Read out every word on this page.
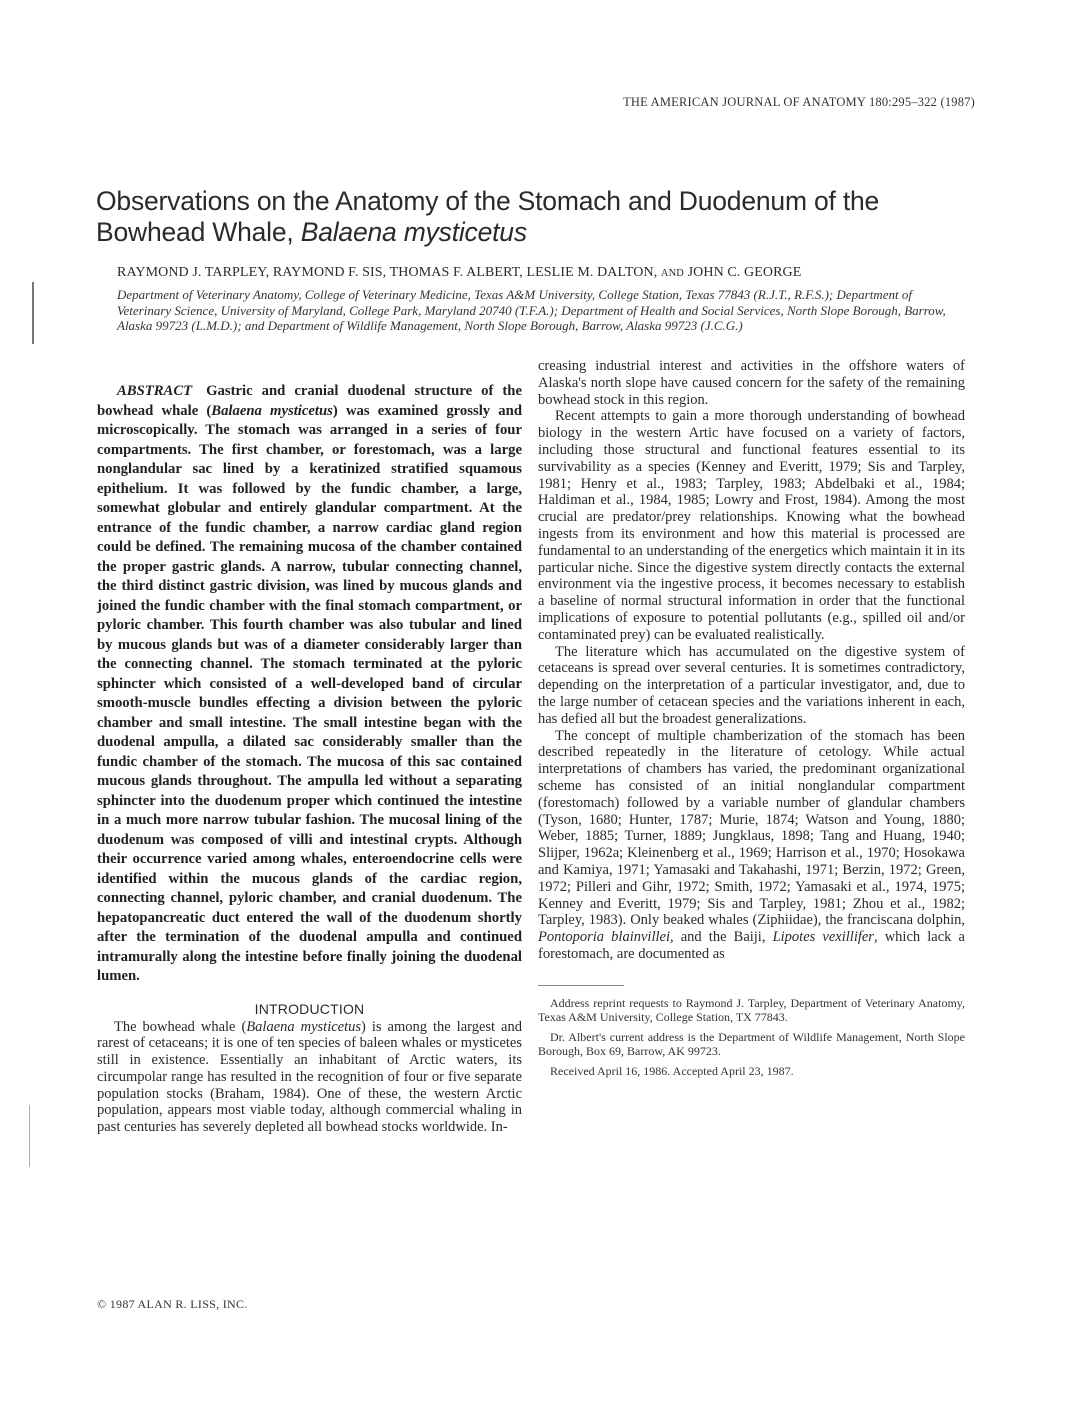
THE AMERICAN JOURNAL OF ANATOMY 180:295–322 (1987)
Observations on the Anatomy of the Stomach and Duodenum of the
Bowhead Whale, Balaena mysticetus
RAYMOND J. TARPLEY, RAYMOND F. SIS, THOMAS F. ALBERT, LESLIE M. DALTON, AND JOHN C. GEORGE
Department of Veterinary Anatomy, College of Veterinary Medicine, Texas A&M University, College Station, Texas 77843 (R.J.T., R.F.S.); Department of Veterinary Science, University of Maryland, College Park, Maryland 20740 (T.F.A.); Department of Health and Social Services, North Slope Borough, Barrow, Alaska 99723 (L.M.D.); and Department of Wildlife Management, North Slope Borough, Barrow, Alaska 99723 (J.C.G.)

ABSTRACT Gastric and cranial duodenal structure of the bowhead whale (Balaena mysticetus) was examined grossly and microscopically. The stomach was arranged in a series of four compartments. The first chamber, or forestomach, was a large nonglandular sac lined by a keratinized stratified squamous epithelium. It was followed by the fundic chamber, a large, somewhat globular and entirely glandular compartment. At the entrance of the fundic chamber, a narrow cardiac gland region could be defined. The remaining mucosa of the chamber contained the proper gastric glands. A narrow, tubular connecting channel, the third distinct gastric division, was lined by mucous glands and joined the fundic chamber with the final stomach compartment, or pyloric chamber. This fourth chamber was also tubular and lined by mucous glands but was of a diameter considerably larger than the connecting channel. The stomach terminated at the pyloric sphincter which consisted of a well-developed band of circular smooth-muscle bundles effecting a division between the pyloric chamber and small intestine. The small intestine began with the duodenal ampulla, a dilated sac considerably smaller than the fundic chamber of the stomach. The mucosa of this sac contained mucous glands throughout. The ampulla led without a separating sphincter into the duodenum proper which continued the intestine in a much more narrow tubular fashion. The mucosal lining of the duodenum was composed of villi and intestinal crypts. Although their occurrence varied among whales, enteroendocrine cells were identified within the mucous glands of the cardiac region, connecting channel, pyloric chamber, and cranial duodenum. The hepatopancreatic duct entered the wall of the duodenum shortly after the termination of the duodenal ampulla and continued intramurally along the intestine before finally joining the duodenal lumen.

INTRODUCTION

The bowhead whale (Balaena mysticetus) is among the largest and rarest of cetaceans; it is one of ten species of baleen whales or mysticetes still in existence. Essentially an inhabitant of Arctic waters, its circumpolar range has resulted in the recognition of four or five separate population stocks (Braham, 1984). One of these, the western Arctic population, appears most viable today, although commercial whaling in past centuries has severely depleted all bowhead stocks worldwide. In-

© 1987 ALAN R. LISS, INC.

creasing industrial interest and activities in the offshore waters of Alaska's north slope have caused concern for the safety of the remaining bowhead stock in this region.

Recent attempts to gain a more thorough understanding of bowhead biology in the western Artic have focused on a variety of factors, including those structural and functional features essential to its survivability as a species (Kenney and Everitt, 1979; Sis and Tarpley, 1981; Henry et al., 1983; Tarpley, 1983; Abdelbaki et al., 1984; Haldiman et al., 1984, 1985; Lowry and Frost, 1984). Among the most crucial are predator/prey relationships. Knowing what the bowhead ingests from its environment and how this material is processed are fundamental to an understanding of the energetics which maintain it in its particular niche. Since the digestive system directly contacts the external environment via the ingestive process, it becomes necessary to establish a baseline of normal structural information in order that the functional implications of exposure to potential pollutants (e.g., spilled oil and/or contaminated prey) can be evaluated realistically.

The literature which has accumulated on the digestive system of cetaceans is spread over several centuries. It is sometimes contradictory, depending on the interpretation of a particular investigator, and, due to the large number of cetacean species and the variations inherent in each, has defied all but the broadest generalizations.

The concept of multiple chamberization of the stomach has been described repeatedly in the literature of cetology. While actual interpretations of chambers has varied, the predominant organizational scheme has consisted of an initial nonglandular compartment (forestomach) followed by a variable number of glandular chambers (Tyson, 1680; Hunter, 1787; Murie, 1874; Watson and Young, 1880; Weber, 1885; Turner, 1889; Jungklaus, 1898; Tang and Huang, 1940; Slijper, 1962a; Kleinenberg et al., 1969; Harrison et al., 1970; Hosokawa and Kamiya, 1971; Yamasaki and Takahashi, 1971; Berzin, 1972; Green, 1972; Pilleri and Gihr, 1972; Smith, 1972; Yamasaki et al., 1974, 1975; Kenney and Everitt, 1979; Sis and Tarpley, 1981; Zhou et al., 1982; Tarpley, 1983). Only beaked whales (Ziphiidae), the franciscana dolphin, Pontoporia blainvillei, and the Baiji, Lipotes vexillifer, which lack a forestomach, are documented as

Address reprint requests to Raymond J. Tarpley, Department of Veterinary Anatomy, Texas A&M University, College Station, TX 77843.

Dr. Albert's current address is the Department of Wildlife Management, North Slope Borough, Box 69, Barrow, AK 99723.

Received April 16, 1986. Accepted April 23, 1987.
